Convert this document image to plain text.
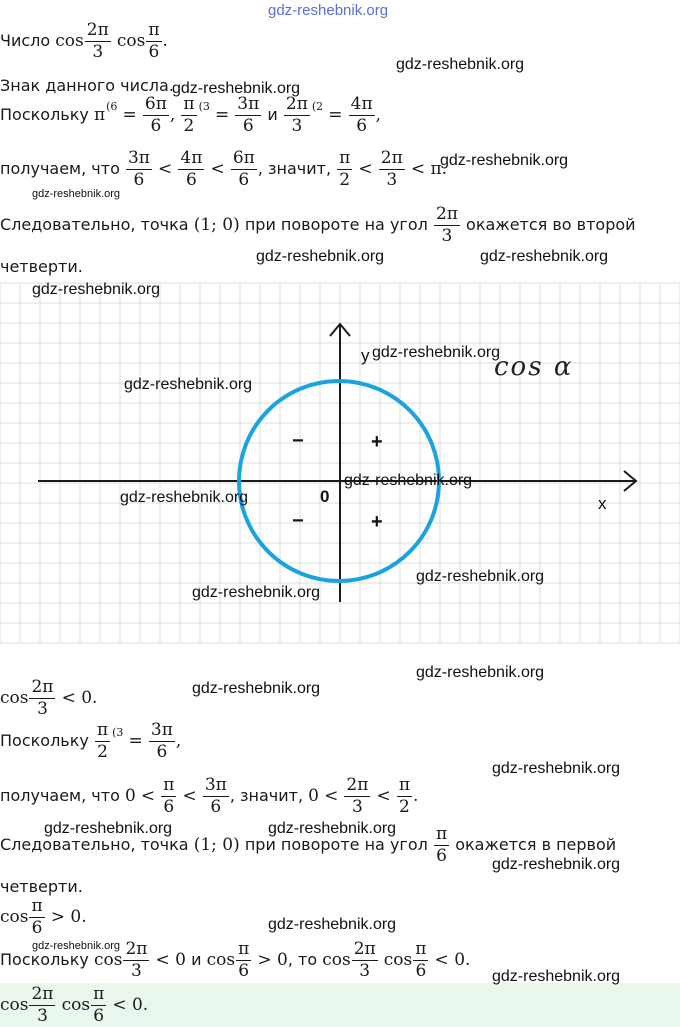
gdz-reshebnik.org
Число $\cos \frac{2\pi}{3}$ $\cos \frac{\pi}{6}$ .
Знак данного числа.
Поскольку $\pi^{(6} = \frac{6\pi}{6}$ , $\frac{\pi}{2} ^{(3} = \frac{3\pi}{6}$ и $\frac{2\pi}{3} ^{(2} = \frac{4\pi}{6}$ ,
получаем, что $\frac{3\pi}{6} < \frac{4\pi}{6} < \frac{6\pi}{6}$ , значит, $\frac{\pi}{2} < \frac{2\pi}{3} < \pi$.
Следовательно, точка (1; 0) при повороте на угол $\frac{2\pi}{3}$ окажется во второй
четверти.
y
x
0
cos α
−	+
−	+
$\cos \frac{2\pi}{3} < 0$.
Поскольку $\frac{\pi}{2} ^{(3} = \frac{3\pi}{6}$ ,
получаем, что $0 < \frac{\pi}{6} < \frac{3\pi}{6}$ , значит, $0 < \frac{2\pi}{3} < \frac{\pi}{2}$ .
Следовательно, точка (1; 0) при повороте на угол $\frac{\pi}{6}$ окажется в первой
четверти.
$\cos \frac{\pi}{6} > 0$.
Поскольку $\cos \frac{2\pi}{3} < 0$ и $\cos \frac{\pi}{6} > 0$, то $\cos \frac{2\pi}{3}$ $\cos \frac{\pi}{6} < 0$.
$\cos \frac{2\pi}{3}$ $\cos \frac{\pi}{6} < 0$.
gdz-reshebnik.org
gdz-reshebnik.org
gdz-reshebnik.org
gdz-reshebnik.org
gdz-reshebnik.org	gdz-reshebnik.org
gdz-reshebnik.org
gdz-reshebnik.org
gdz-reshebnik.org
gdz-reshebnik.org
gdz-reshebnik.org
gdz-reshebnik.org
gdz-reshebnik.org
gdz-reshebnik.org
gdz-reshebnik.org
gdz-reshebnik.org
gdz-reshebnik.org	gdz-reshebnik.org
gdz-reshebnik.org
gdz-reshebnik.org
gdz-reshebnik.org
gdz-reshebnik.org
